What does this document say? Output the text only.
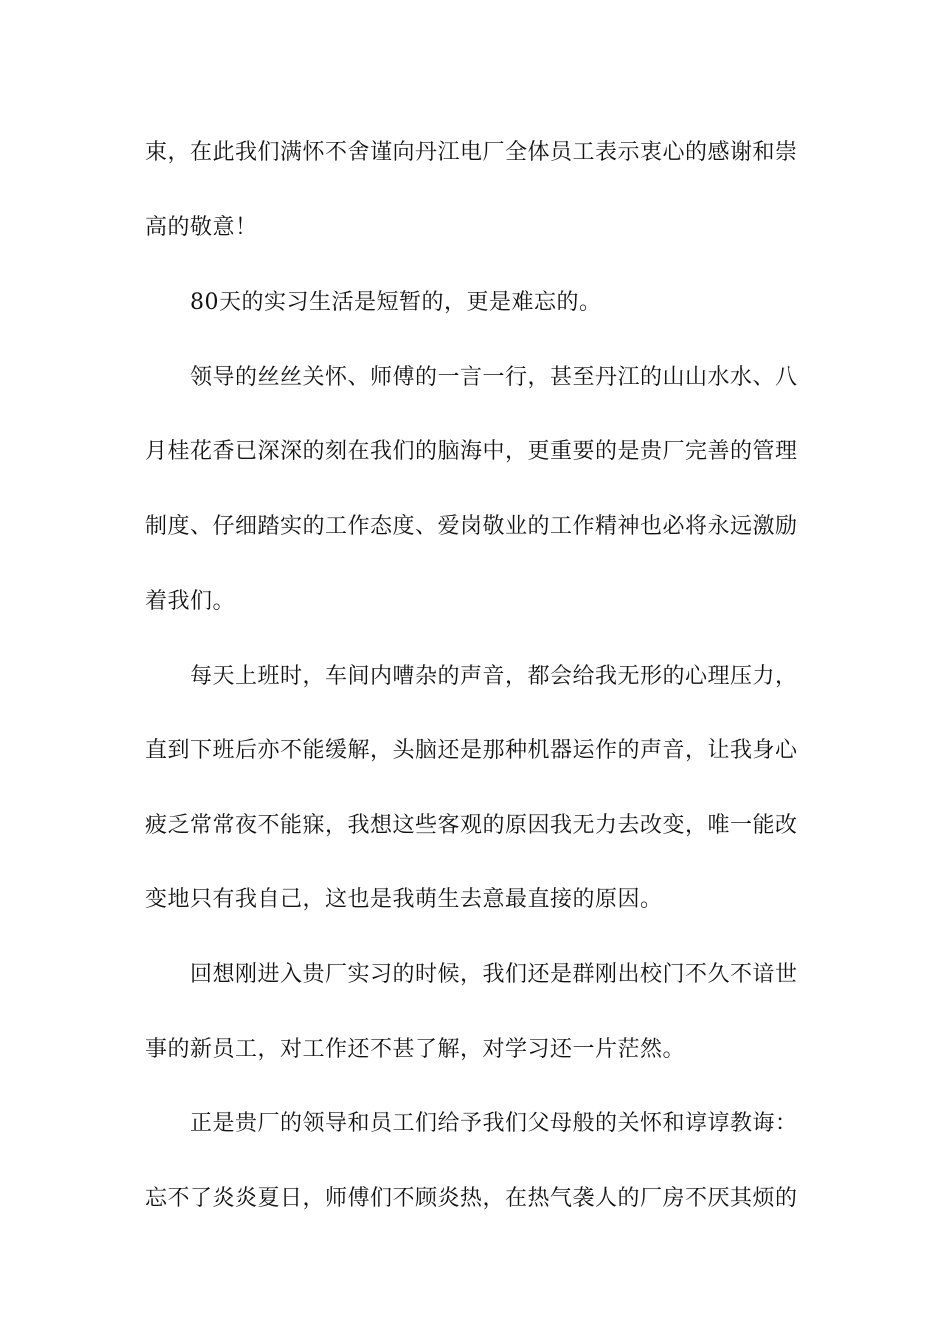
束，在此我们满怀不舍谨向丹江电厂全体员工表示衷心的感谢和崇
高的敬意！
80天的实习生活是短暂的，更是难忘的。
领导的丝丝关怀、师傅的一言一行，甚至丹江的山山水水、八
月桂花香已深深的刻在我们的脑海中，更重要的是贵厂完善的管理
制度、仔细踏实的工作态度、爱岗敬业的工作精神也必将永远激励
着我们。
每天上班时，车间内嘈杂的声音，都会给我无形的心理压力，
直到下班后亦不能缓解，头脑还是那种机器运作的声音，让我身心
疲乏常常夜不能寐，我想这些客观的原因我无力去改变，唯一能改
变地只有我自己，这也是我萌生去意最直接的原因。
回想刚进入贵厂实习的时候，我们还是群刚出校门不久不谙世
事的新员工，对工作还不甚了解，对学习还一片茫然。
正是贵厂的领导和员工们给予我们父母般的关怀和谆谆教诲：
忘不了炎炎夏日，师傅们不顾炎热，在热气袭人的厂房不厌其烦的
